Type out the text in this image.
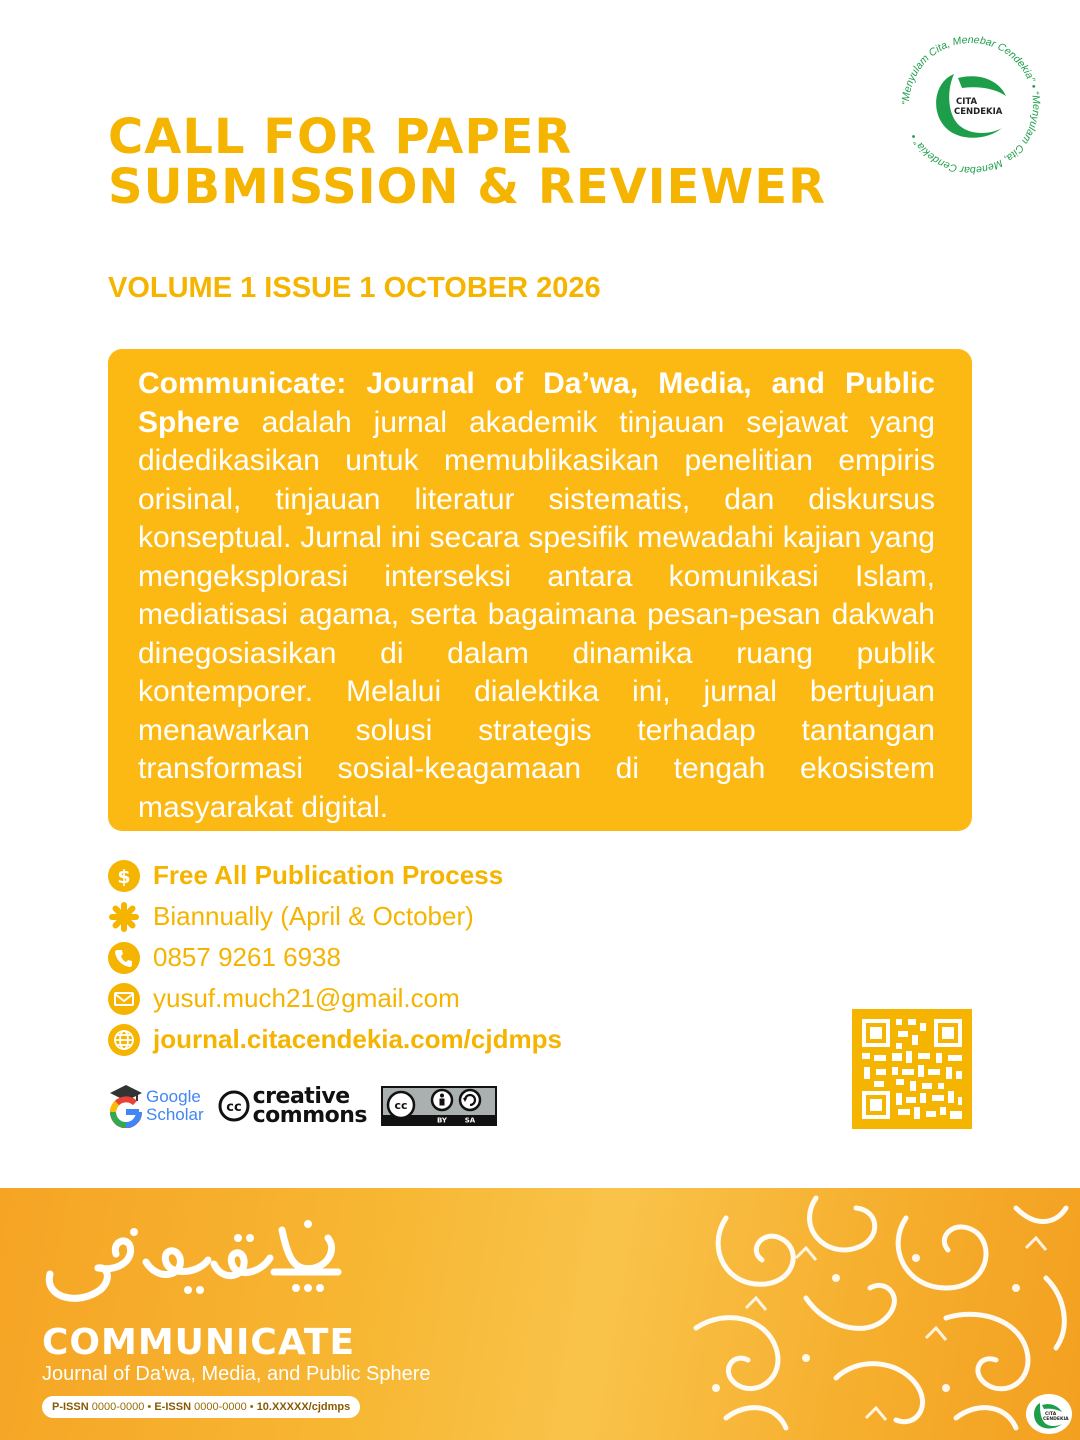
CALL FOR PAPER
SUBMISSION & REVIEWER
VOLUME 1 ISSUE 1 OCTOBER 2026
“Menyulam Cita, Menebar Cendekia” • “Menyulam Cita, Menebar Cendekia” •
CITA
CENDEKIA

Communicate: Journal of Da’wa, Media, and Public Sphere adalah jurnal akademik tinjauan sejawat yang didedikasikan untuk memublikasikan penelitian empiris orisinal, tinjauan literatur sistematis, dan diskursus konseptual. Jurnal ini secara spesifik mewadahi kajian yang mengeksplorasi interseksi antara komunikasi Islam, mediatisasi agama, serta bagaimana pesan-pesan dakwah dinegosiasikan di dalam dinamika ruang publik kontemporer. Melalui dialektika ini, jurnal bertujuan menawarkan solusi strategis terhadap tantangan transformasi sosial-keagamaan di tengah ekosistem masyarakat digital.

$ Free All Publication Process
Biannually (April & October)
0857 9261 6938
yusuf.much21@gmail.com
journal.citacendekia.com/cjdmps
Google
Scholar cc creative
commons cc
BY	SA
جومونيجت
COMMUNICATE
Journal of Da'wa, Media, and Public Sphere
P-ISSN 0000-0000 • E-ISSN 0000-0000 • 10.XXXXX/cjdmps
CITA
CENDEKIA
